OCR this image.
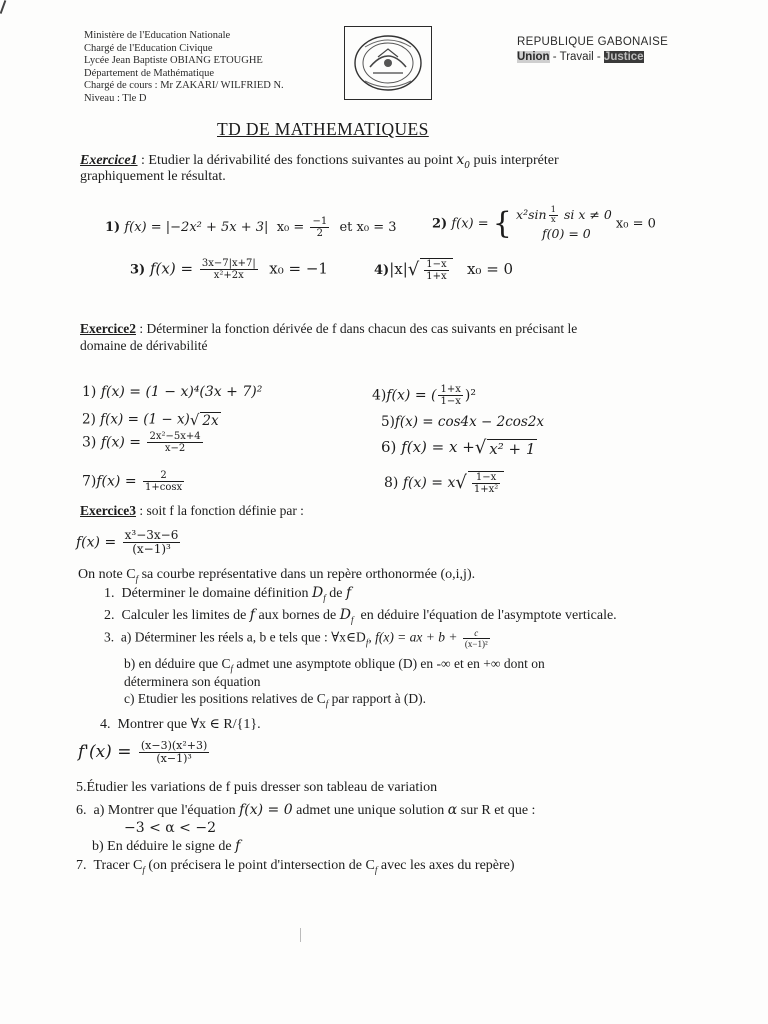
Ministère de l'Education Nationale
Chargé de l'Education Civique
Lycée Jean Baptiste OBIANG ETOUGHE
Département de Mathématique
Chargé de cours : Mr ZAKARI/ WILFRIED N.
Niveau : Tle D
REPUBLIQUE GABONAISE
Union - Travail - Justice
TD DE MATHEMATIQUES
Exercice1 : Etudier la dérivabilité des fonctions suivantes au point $x_0$ puis interpréter
graphiquement le résultat.
1) f(x) = |−2x² + 5x + 3| $x_0 = \frac{-1}{2}$ et x₀ = 3	2) f(x) = { $x^2\sin \frac{1}{x}$ si x ≠ 0
f(0) = 0
x₀ = 0
3) $f(x) = \frac{3x-7|x+7|}{\text{x²+2x}} x_0 = -1$	$4)|x|√ \frac{1-x}{1+x} x_0 = 0$
Exercice2 : Déterminer la fonction dérivée de f dans chacun des cas suivants en précisant le
domaine de dérivabilité
1) f(x) = (1 − x)⁴(3x + 7)²
2) f(x) = (1 − x)√ 2x
3) $f(x) = \frac{\text{2x²−5x+4}}{x-2}$
$7)f(x) = \frac{2}{1+\cos x}$
4)f(x) = ( $\frac{1+x}{1-x} )^2$
5)f(x) = cos4x − 2cos2x
6) f(x) = x +√ x² + 1
8) $f(x) = x√ \frac{1-x}{\text{1+x²}}$
Exercice3 : soit f la fonction définie par :
$f(x) = \frac{\text{x³−3x−6}}{\text{(x−1)³}}$
On note $C_f$ sa courbe représentative dans un repère orthonormée (o,i,j).
1. Déterminer le domaine définition $D_f$ de f
2. Calculer les limites de f aux bornes de $D_f$ en déduire l'équation de l'asymptote verticale.
3. a) Déterminer les réels a, b e tels que : $\forall x\in D_f$, f(x) = ax + $b + \frac{c}{\text{(x−1)²}}$
b) en déduire que $C_f$ admet une asymptote oblique (D) en -∞ et en +∞ dont on
déterminera son équation
c) Etudier les positions relatives de $C_f$ par rapport à (D).
4. Montrer que ∀x ∈ R/{1}.
$f'(x) = \frac{\text{(x−3)(x²+3)}}{\text{(x−1)³}}$
5.Étudier les variations de f puis dresser son tableau de variation
6. a) Montrer que l'équation f(x) = 0 admet une unique solution α sur R et que :
−3 < α < −2
b) En déduire le signe de f
7. Tracer $C_f$ (on précisera le point d'intersection de $C_f$ avec les axes du repère)
